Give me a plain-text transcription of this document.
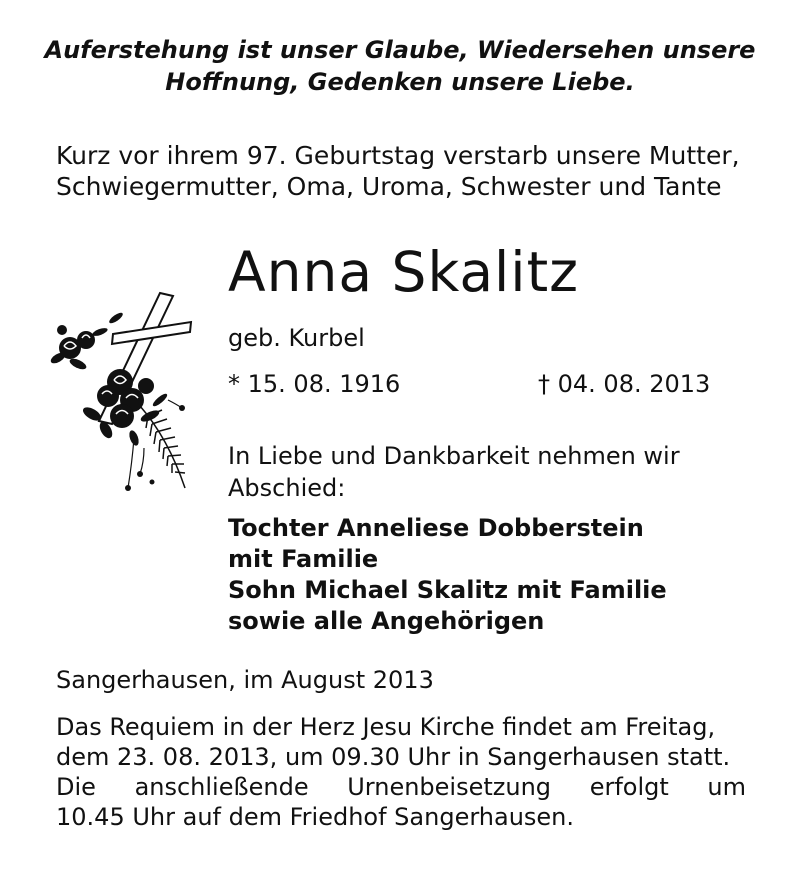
Auferstehung ist unser Glaube, Wiedersehen unsere
Hoffnung, Gedenken unsere Liebe.
Kurz vor ihrem 97. Geburtstag verstarb unsere Mutter,
Schwiegermutter, Oma, Uroma, Schwester und Tante
Anna Skalitz
geb. Kurbel
* 15. 08. 1916	† 04. 08. 2013
In Liebe und Dankbarkeit nehmen wir
Abschied:
Tochter Anneliese Dobberstein
mit Familie
Sohn Michael Skalitz mit Familie
sowie alle Angehörigen
Sangerhausen, im August 2013
Das Requiem in der Herz Jesu Kirche findet am Freitag,
dem 23. 08. 2013, um 09.30 Uhr in Sangerhausen statt.
Die anschließende Urnenbeisetzung erfolgt um
10.45 Uhr auf dem Friedhof Sangerhausen.
